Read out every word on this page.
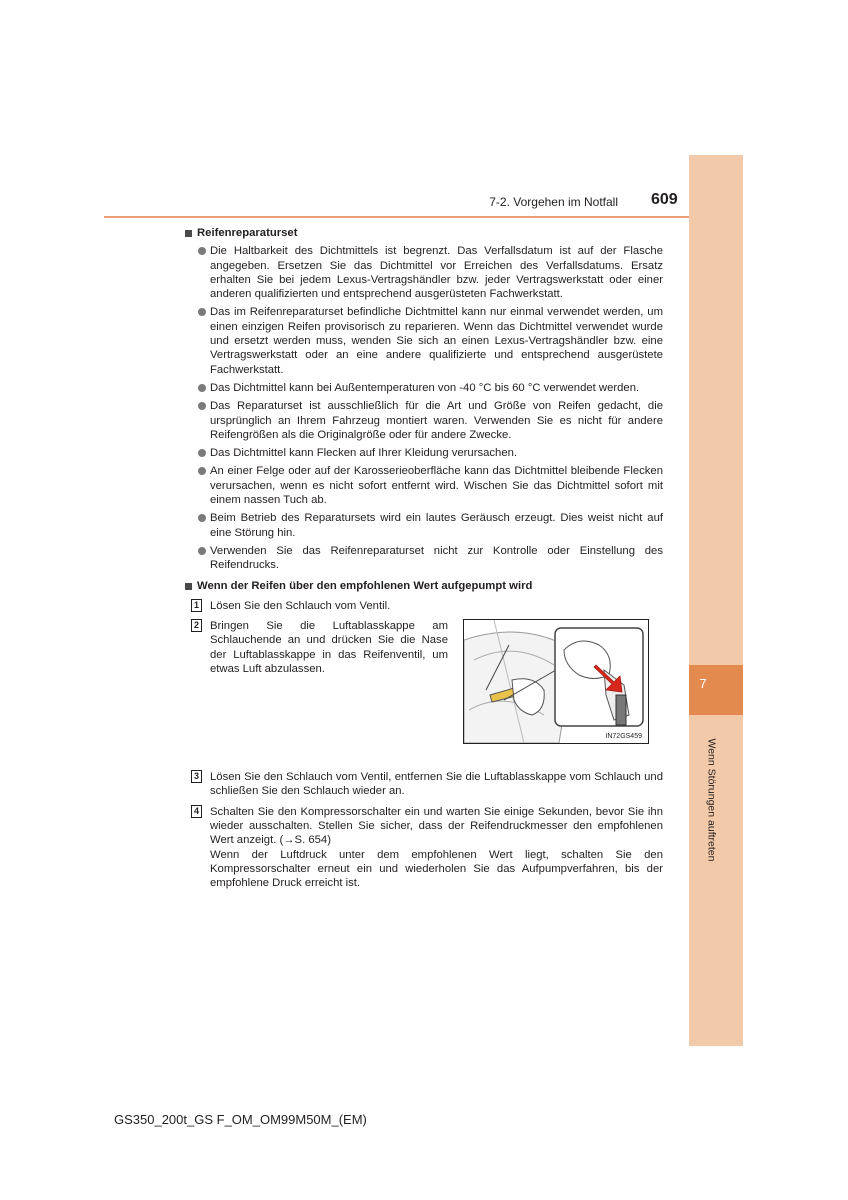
7
Wenn Störungen auftreten
7-2. Vorgehen im Notfall 609
Reifenreparaturset
Die Haltbarkeit des Dichtmittels ist begrenzt. Das Verfallsdatum ist auf der Flasche angegeben. Ersetzen Sie das Dichtmittel vor Erreichen des Verfallsdatums. Ersatz erhalten Sie bei jedem Lexus-Vertragshändler bzw. jeder Vertragswerkstatt oder einer anderen qualifizierten und entsprechend ausgerüsteten Fachwerkstatt.
Das im Reifenreparaturset befindliche Dichtmittel kann nur einmal verwendet werden, um einen einzigen Reifen provisorisch zu reparieren. Wenn das Dichtmittel verwendet wurde und ersetzt werden muss, wenden Sie sich an einen Lexus-Vertragshändler bzw. eine Vertragswerkstatt oder an eine andere qualifizierte und entsprechend ausgerüstete Fachwerkstatt.
Das Dichtmittel kann bei Außentemperaturen von -40 °C bis 60 °C verwendet werden.
Das Reparaturset ist ausschließlich für die Art und Größe von Reifen gedacht, die ursprünglich an Ihrem Fahrzeug montiert waren. Verwenden Sie es nicht für andere Reifengrößen als die Originalgröße oder für andere Zwecke.
Das Dichtmittel kann Flecken auf Ihrer Kleidung verursachen.
An einer Felge oder auf der Karosserieoberfläche kann das Dichtmittel bleibende Flecken verursachen, wenn es nicht sofort entfernt wird. Wischen Sie das Dichtmittel sofort mit einem nassen Tuch ab.
Beim Betrieb des Reparatursets wird ein lautes Geräusch erzeugt. Dies weist nicht auf eine Störung hin.
Verwenden Sie das Reifenreparaturset nicht zur Kontrolle oder Einstellung des Reifendrucks.
Wenn der Reifen über den empfohlenen Wert aufgepumpt wird
1 Lösen Sie den Schlauch vom Ventil.
2 Bringen Sie die Luftablasskappe am Schlauchende an und drücken Sie die Nase der Luftablasskappe in das Reifenventil, um etwas Luft abzulassen.
3 Lösen Sie den Schlauch vom Ventil, entfernen Sie die Luftablasskappe vom Schlauch und schließen Sie den Schlauch wieder an.
4 Schalten Sie den Kompressorschalter ein und warten Sie einige Sekunden, bevor Sie ihn wieder ausschalten. Stellen Sie sicher, dass der Reifendruckmesser den empfohlenen Wert anzeigt. (→S. 654)
Wenn der Luftdruck unter dem empfohlenen Wert liegt, schalten Sie den Kompressorschalter erneut ein und wiederholen Sie das Aufpumpverfahren, bis der empfohlene Druck erreicht ist.
IN72GS459
GS350_200t_GS F_OM_OM99M50M_(EM)
